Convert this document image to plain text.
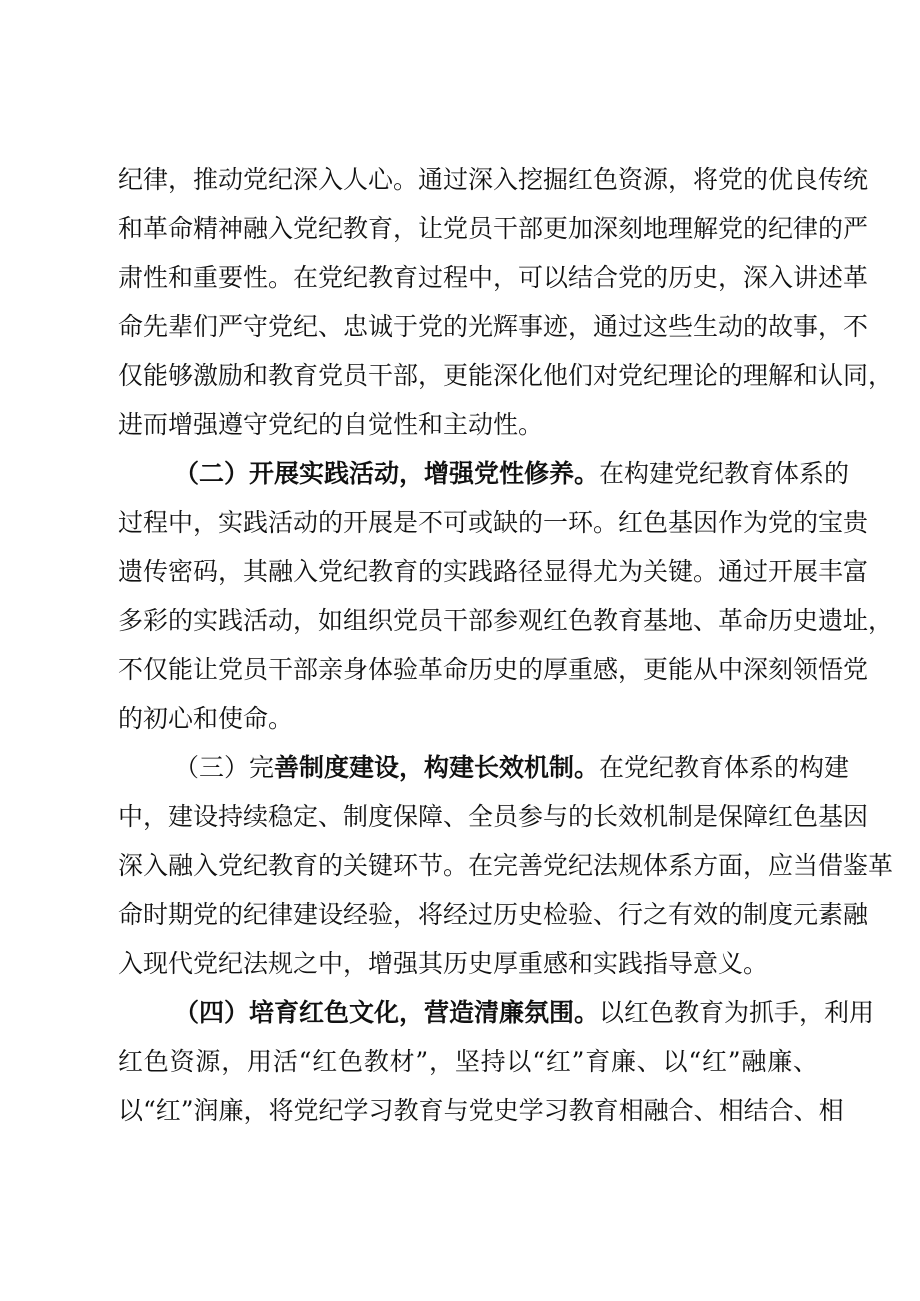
纪律，推动党纪深入人心。通过深入挖掘红色资源，将党的优良传统
和革命精神融入党纪教育，让党员干部更加深刻地理解党的纪律的严
肃性和重要性。在党纪教育过程中，可以结合党的历史，深入讲述革
命先辈们严守党纪、忠诚于党的光辉事迹，通过这些生动的故事，不
仅能够激励和教育党员干部，更能深化他们对党纪理论的理解和认同，
进而增强遵守党纪的自觉性和主动性。
（二）开展实践活动，增强党性修养。在构建党纪教育体系的
过程中，实践活动的开展是不可或缺的一环。红色基因作为党的宝贵
遗传密码，其融入党纪教育的实践路径显得尤为关键。通过开展丰富
多彩的实践活动，如组织党员干部参观红色教育基地、革命历史遗址，
不仅能让党员干部亲身体验革命历史的厚重感，更能从中深刻领悟党
的初心和使命。
（三）完善制度建设，构建长效机制。在党纪教育体系的构建
中，建设持续稳定、制度保障、全员参与的长效机制是保障红色基因
深入融入党纪教育的关键环节。在完善党纪法规体系方面，应当借鉴革
命时期党的纪律建设经验，将经过历史检验、行之有效的制度元素融
入现代党纪法规之中，增强其历史厚重感和实践指导意义。
（四）培育红色文化，营造清廉氛围。以红色教育为抓手，利用
红色资源，用活“红色教材”，坚持以“红”育廉、以“红”融廉、
以“红”润廉，将党纪学习教育与党史学习教育相融合、相结合、相
